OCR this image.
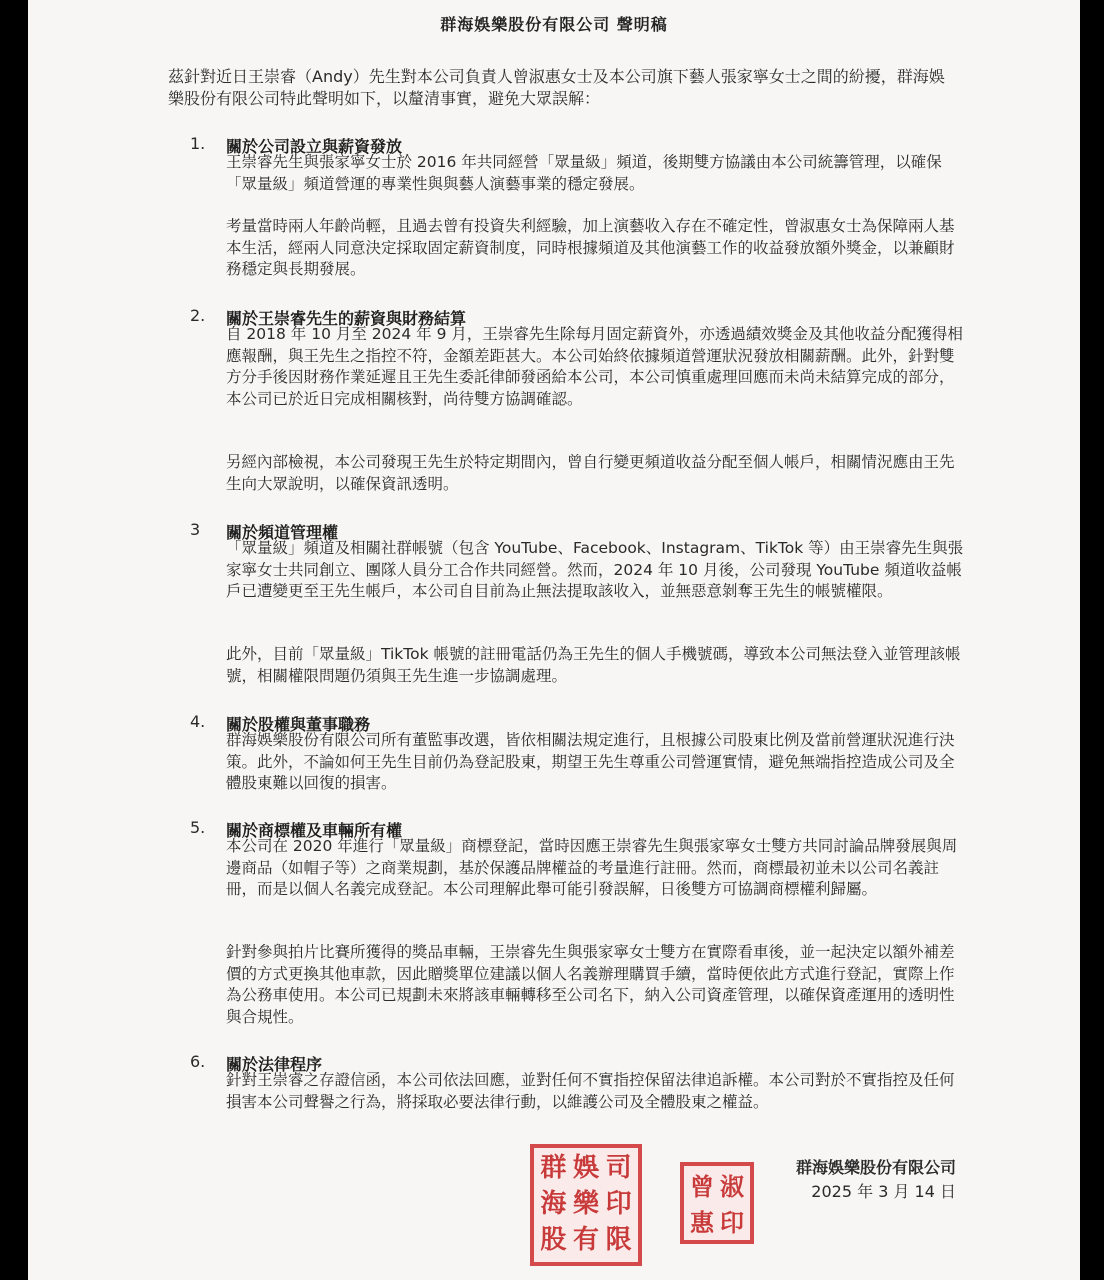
群海娛樂股份有限公司 聲明稿
茲針對近日王崇睿（Andy）先生對本公司負責人曾淑惠女士及本公司旗下藝人張家寧女士之間的紛擾，群海娛樂股份有限公司特此聲明如下，以釐清事實，避免大眾誤解：
1.	關於公司設立與薪資發放
王崇睿先生與張家寧女士於 2016 年共同經營「眾量級」頻道，後期雙方協議由本公司統籌管理，以確保「眾量級」頻道營運的專業性與與藝人演藝事業的穩定發展。
考量當時兩人年齡尚輕，且過去曾有投資失利經驗，加上演藝收入存在不確定性，曾淑惠女士為保障兩人基本生活，經兩人同意決定採取固定薪資制度，同時根據頻道及其他演藝工作的收益發放額外獎金，以兼顧財務穩定與長期發展。
2.	關於王崇睿先生的薪資與財務結算
自 2018 年 10 月至 2024 年 9 月，王崇睿先生除每月固定薪資外，亦透過績效獎金及其他收益分配獲得相應報酬，與王先生之指控不符，金額差距甚大。本公司始終依據頻道營運狀況發放相關薪酬。此外，針對雙方分手後因財務作業延遲且王先生委託律師發函給本公司，本公司慎重處理回應而未尚未結算完成的部分，本公司已於近日完成相關核對，尚待雙方協調確認。
另經內部檢視，本公司發現王先生於特定期間內，曾自行變更頻道收益分配至個人帳戶，相關情況應由王先生向大眾說明，以確保資訊透明。
3	關於頻道管理權
「眾量級」頻道及相關社群帳號（包含 YouTube、Facebook、Instagram、TikTok 等）由王崇睿先生與張家寧女士共同創立、團隊人員分工合作共同經營。然而，2024 年 10 月後，公司發現 YouTube 頻道收益帳戶已遭變更至王先生帳戶，本公司自目前為止無法提取該收入，並無惡意剝奪王先生的帳號權限。
此外，目前「眾量級」TikTok 帳號的註冊電話仍為王先生的個人手機號碼，導致本公司無法登入並管理該帳號，相關權限問題仍須與王先生進一步協調處理。
4.	關於股權與董事職務
群海娛樂股份有限公司所有董監事改選，皆依相關法規定進行，且根據公司股東比例及當前營運狀況進行決策。此外，不論如何王先生目前仍為登記股東，期望王先生尊重公司營運實情，避免無端指控造成公司及全體股東難以回復的損害。
5.	關於商標權及車輛所有權
本公司在 2020 年進行「眾量級」商標登記，當時因應王崇睿先生與張家寧女士雙方共同討論品牌發展與周邊商品（如帽子等）之商業規劃，基於保護品牌權益的考量進行註冊。然而，商標最初並未以公司名義註冊，而是以個人名義完成登記。本公司理解此舉可能引發誤解，日後雙方可協調商標權利歸屬。
針對參與拍片比賽所獲得的獎品車輛，王崇睿先生與張家寧女士雙方在實際看車後，並一起決定以額外補差價的方式更換其他車款，因此贈獎單位建議以個人名義辦理購買手續，當時便依此方式進行登記，實際上作為公務車使用。本公司已規劃未來將該車輛轉移至公司名下，納入公司資產管理，以確保資產運用的透明性與合規性。
6.	關於法律程序
針對王崇睿之存證信函，本公司依法回應，並對任何不實指控保留法律追訴權。本公司對於不實指控及任何損害本公司聲譽之行為，將採取必要法律行動，以維護公司及全體股東之權益。
群 娛 司
海 樂 印
股 有 限
曾 淑
惠 印
群海娛樂股份有限公司
2025 年 3 月 14 日
